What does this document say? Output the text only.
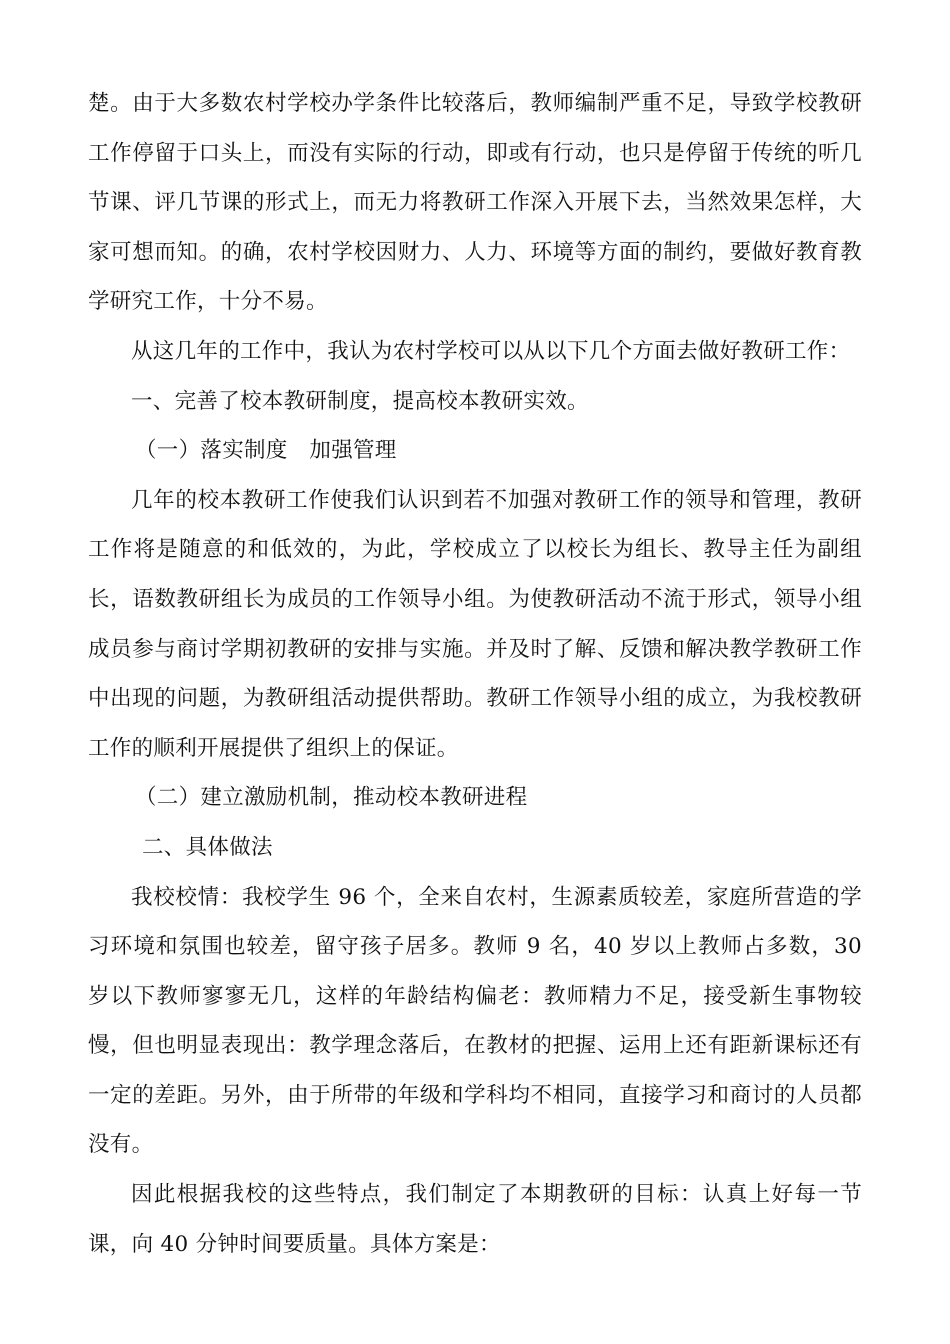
楚。由于大多数农村学校办学条件比较落后，教师编制严重不足，导致学校教研工作停留于口头上，而没有实际的行动，即或有行动，也只是停留于传统的听几节课、评几节课的形式上，而无力将教研工作深入开展下去，当然效果怎样，大家可想而知。的确，农村学校因财力、人力、环境等方面的制约，要做好教育教学研究工作，十分不易。

从这几年的工作中，我认为农村学校可以从以下几个方面去做好教研工作：

一、完善了校本教研制度，提高校本教研实效。

（一）落实制度　加强管理

几年的校本教研工作使我们认识到若不加强对教研工作的领导和管理，教研工作将是随意的和低效的，为此，学校成立了以校长为组长、教导主任为副组长，语数教研组长为成员的工作领导小组。为使教研活动不流于形式，领导小组成员参与商讨学期初教研的安排与实施。并及时了解、反馈和解决教学教研工作中出现的问题，为教研组活动提供帮助。教研工作领导小组的成立，为我校教研工作的顺利开展提供了组织上的保证。

（二）建立激励机制，推动校本教研进程

二、具体做法

我校校情：我校学生 96 个，全来自农村，生源素质较差，家庭所营造的学习环境和氛围也较差，留守孩子居多。教师 9 名，40 岁以上教师占多数，30 岁以下教师寥寥无几，这样的年龄结构偏老：教师精力不足，接受新生事物较慢，但也明显表现出：教学理念落后，在教材的把握、运用上还有距新课标还有一定的差距。另外，由于所带的年级和学科均不相同，直接学习和商讨的人员都没有。

因此根据我校的这些特点，我们制定了本期教研的目标：认真上好每一节课，向 40 分钟时间要质量。具体方案是：
